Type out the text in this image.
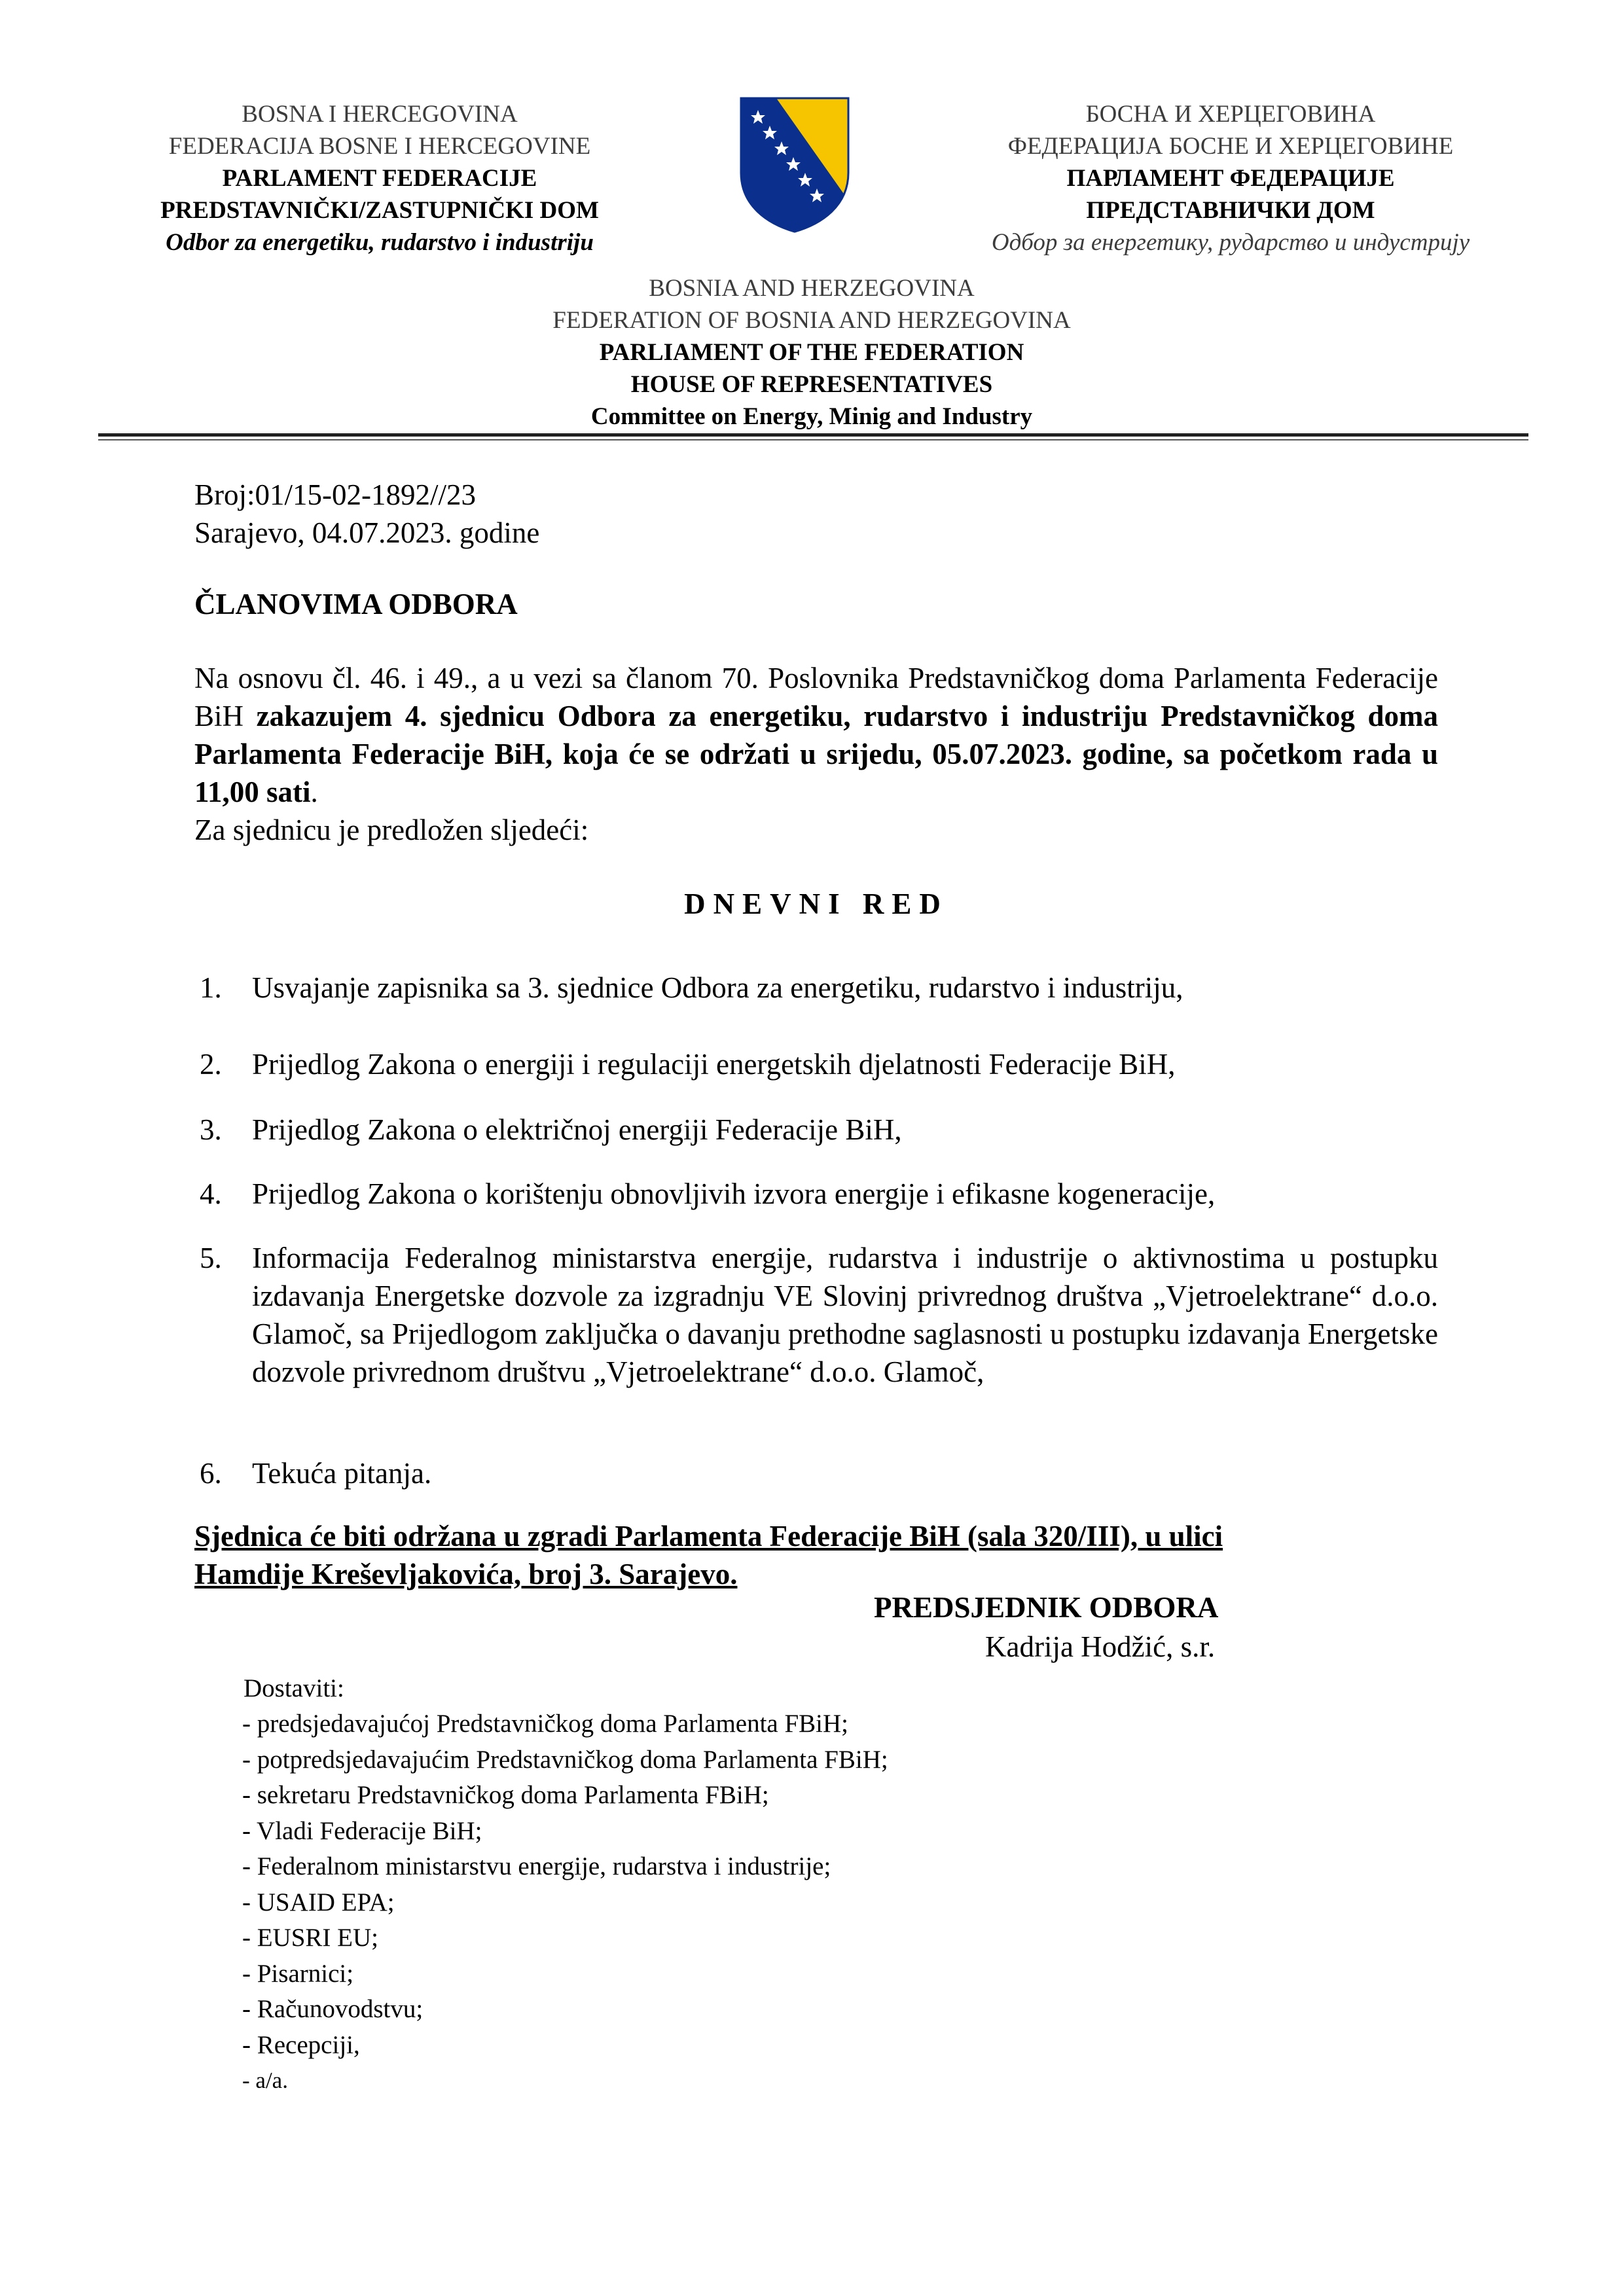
BOSNA I HERCEGOVINA
FEDERACIJA BOSNE I HERCEGOVINE
PARLAMENT FEDERACIJE
PREDSTAVNIČKI/ZASTUPNIČKI DOM
Odbor za energetiku, rudarstvo i industriju
БОСНА И ХЕРЦЕГОВИНА
ФЕДЕРАЦИЈА БОСНЕ И ХЕРЦЕГОВИНЕ
ПАРЛАМЕНТ ФЕДЕРАЦИЈЕ
ПРЕДСТАВНИЧКИ ДОМ
Одбор за енергетику, рударство и индустрију
BOSNIA AND HERZEGOVINA
FEDERATION OF BOSNIA AND HERZEGOVINA
PARLIAMENT OF THE FEDERATION
HOUSE OF REPRESENTATIVES
Committee on Energy, Minig and Industry
Broj:01/15-02-1892//23
Sarajevo, 04.07.2023. godine
ČLANOVIMA ODBORA

Na osnovu čl. 46. i 49., a u vezi sa članom 70. Poslovnika Predstavničkog doma Parlamenta Federacije BiH zakazujem 4. sjednicu Odbora za energetiku, rudarstvo i industriju Predstavničkog doma Parlamenta Federacije BiH, koja će se održati u srijedu, 05.07.2023. godine, sa početkom rada u 11,00 sati.

Za sjednicu je predložen sljedeći:

DNEVNI RED
1. Usvajanje zapisnika sa 3. sjednice Odbora za energetiku, rudarstvo i industriju,
2. Prijedlog Zakona o energiji i regulaciji energetskih djelatnosti Federacije BiH,
3. Prijedlog Zakona o električnoj energiji Federacije BiH,
4. Prijedlog Zakona o korištenju obnovljivih izvora energije i efikasne kogeneracije,
5. Informacija Federalnog ministarstva energije, rudarstva i industrije o aktivnostima u postupku izdavanja Energetske dozvole za izgradnju VE Slovinj privrednog društva „Vjetroelektrane“ d.o.o. Glamoč, sa Prijedlogom zaključka o davanju prethodne saglasnosti u postupku izdavanja Energetske dozvole privrednom društvu „Vjetroelektrane“ d.o.o. Glamoč,
6. Tekuća pitanja.
Sjednica će biti održana u zgradi Parlamenta Federacije BiH (sala 320/III), u ulici
Hamdije Kreševljakovića, broj 3. Sarajevo.
PREDSJEDNIK ODBORA
Kadrija Hodžić, s.r.
Dostaviti:
- predsjedavajućoj Predstavničkog doma Parlamenta FBiH;
- potpredsjedavajućim Predstavničkog doma Parlamenta FBiH;
- sekretaru Predstavničkog doma Parlamenta FBiH;
- Vladi Federacije BiH;
- Federalnom ministarstvu energije, rudarstva i industrije;
- USAID EPA;
- EUSRI EU;
- Pisarnici;
- Računovodstvu;
- Recepciji,
- a/a.
